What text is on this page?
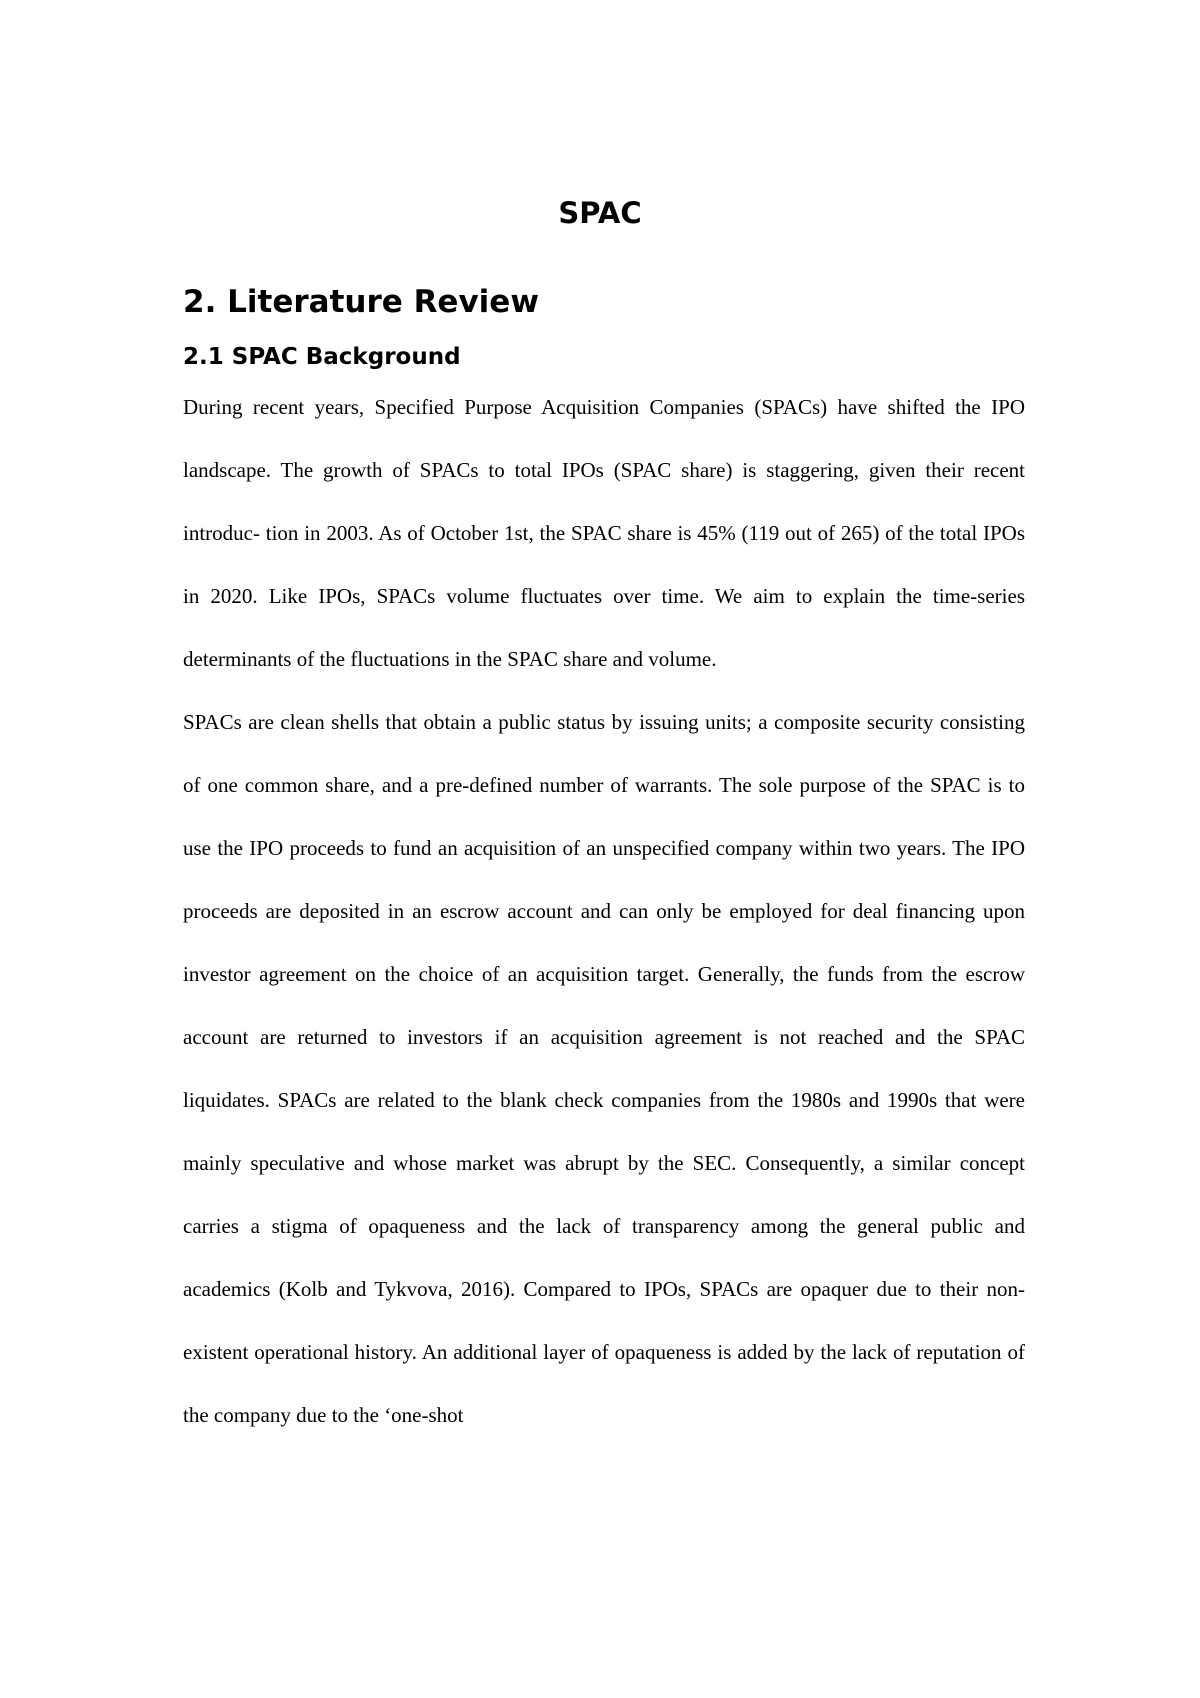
SPAC
2. Literature Review
2.1 SPAC Background

During recent years, Specified Purpose Acquisition Companies (SPACs) have shifted the IPO landscape. The growth of SPACs to total IPOs (SPAC share) is staggering, given their recent introduc- tion in 2003. As of October 1st, the SPAC share is 45% (119 out of 265) of the total IPOs in 2020. Like IPOs, SPACs volume fluctuates over time. We aim to explain the time-series determinants of the fluctuations in the SPAC share and volume.

SPACs are clean shells that obtain a public status by issuing units; a composite security consisting of one common share, and a pre-defined number of warrants. The sole purpose of the SPAC is to use the IPO proceeds to fund an acquisition of an unspecified company within two years. The IPO proceeds are deposited in an escrow account and can only be employed for deal financing upon investor agreement on the choice of an acquisition target. Generally, the funds from the escrow account are returned to investors if an acquisition agreement is not reached and the SPAC liquidates. SPACs are related to the blank check companies from the 1980s and 1990s that were mainly speculative and whose market was abrupt by the SEC. Consequently, a similar concept carries a stigma of opaqueness and the lack of transparency among the general public and academics (Kolb and Tykvova, 2016). Compared to IPOs, SPACs are opaquer due to their non-existent operational history. An additional layer of opaqueness is added by the lack of reputation of the company due to the ‘one-shot
